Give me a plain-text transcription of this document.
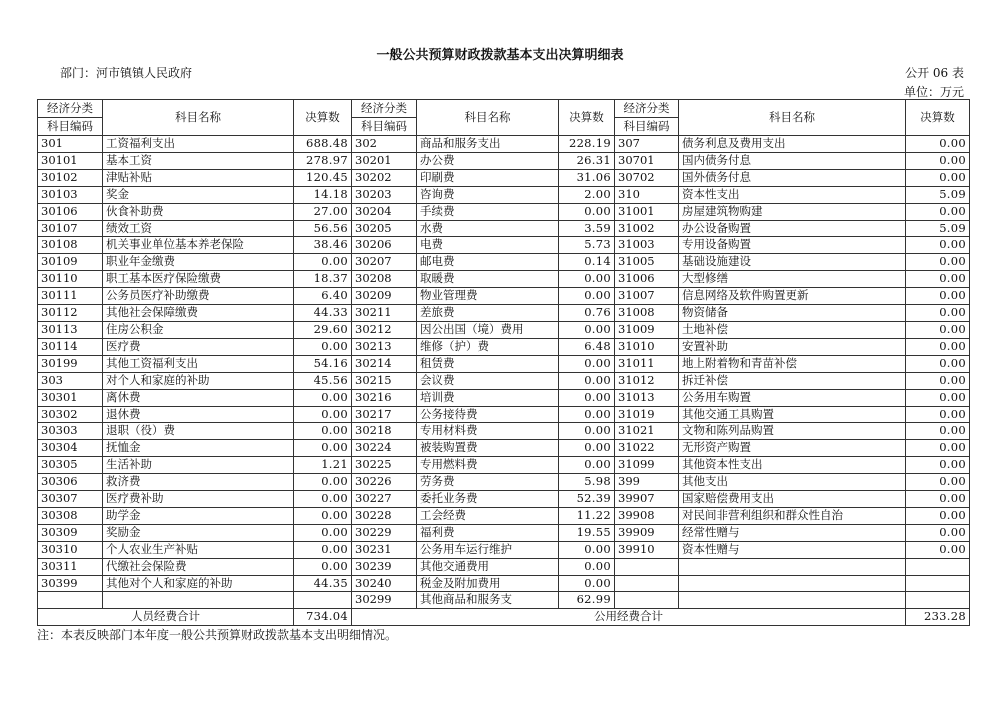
一般公共预算财政拨款基本支出决算明细表
部门：河市镇镇人民政府	公开 06 表
单位：万元
经济分类	科目名称	决算数	经济分类	科目名称	决算数	经济分类	科目名称	决算数
科目编码			科目编码			科目编码		
301	工资福利支出	688.48	302	商品和服务支出	228.19	307	债务利息及费用支出	0.00
30101	基本工资	278.97	30201	办公费	26.31	30701	国内债务付息	0.00
30102	津贴补贴	120.45	30202	印刷费	31.06	30702	国外债务付息	0.00
30103	奖金	14.18	30203	咨询费	2.00	310	资本性支出	5.09
30106	伙食补助费	27.00	30204	手续费	0.00	31001	房屋建筑物购建	0.00
30107	绩效工资	56.56	30205	水费	3.59	31002	办公设备购置	5.09
30108	机关事业单位基本养老保险	38.46	30206	电费	5.73	31003	专用设备购置	0.00
30109	职业年金缴费	0.00	30207	邮电费	0.14	31005	基础设施建设	0.00
30110	职工基本医疗保险缴费	18.37	30208	取暖费	0.00	31006	大型修缮	0.00
30111	公务员医疗补助缴费	6.40	30209	物业管理费	0.00	31007	信息网络及软件购置更新	0.00
30112	其他社会保障缴费	44.33	30211	差旅费	0.76	31008	物资储备	0.00
30113	住房公积金	29.60	30212	因公出国（境）费用	0.00	31009	土地补偿	0.00
30114	医疗费	0.00	30213	维修（护）费	6.48	31010	安置补助	0.00
30199	其他工资福利支出	54.16	30214	租赁费	0.00	31011	地上附着物和青苗补偿	0.00
303	对个人和家庭的补助	45.56	30215	会议费	0.00	31012	拆迁补偿	0.00
30301	离休费	0.00	30216	培训费	0.00	31013	公务用车购置	0.00
30302	退休费	0.00	30217	公务接待费	0.00	31019	其他交通工具购置	0.00
30303	退职（役）费	0.00	30218	专用材料费	0.00	31021	文物和陈列品购置	0.00
30304	抚恤金	0.00	30224	被装购置费	0.00	31022	无形资产购置	0.00
30305	生活补助	1.21	30225	专用燃料费	0.00	31099	其他资本性支出	0.00
30306	救济费	0.00	30226	劳务费	5.98	399	其他支出	0.00
30307	医疗费补助	0.00	30227	委托业务费	52.39	39907	国家赔偿费用支出	0.00
30308	助学金	0.00	30228	工会经费	11.22	39908	对民间非营利组织和群众性自治	0.00
30309	奖励金	0.00	30229	福利费	19.55	39909	经常性赠与	0.00
30310	个人农业生产补贴	0.00	30231	公务用车运行维护	0.00	39910	资本性赠与	0.00
30311	代缴社会保险费	0.00	30239	其他交通费用	0.00			
30399	其他对个人和家庭的补助	44.35	30240	税金及附加费用	0.00			
			30299	其他商品和服务支	62.99			
人员经费合计		734.04	公用经费合计					233.28
注：本表反映部门本年度一般公共预算财政拨款基本支出明细情况。
